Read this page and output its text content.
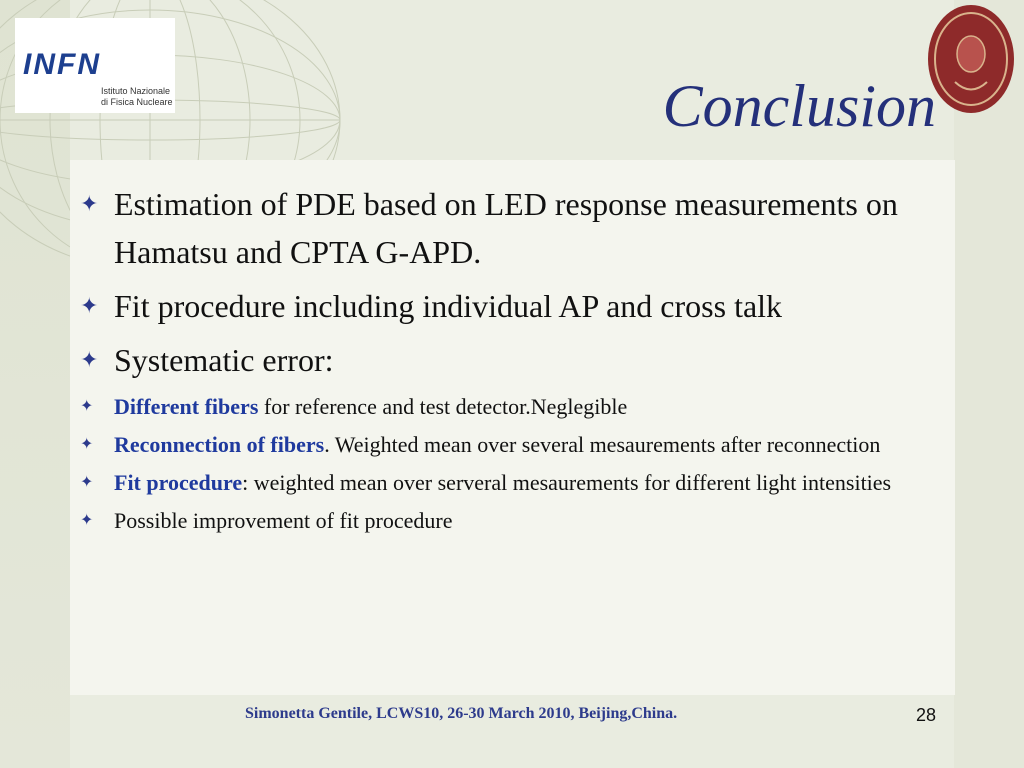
INFN
Istituto Nazionale
di Fisica Nucleare	Conclusion
✦ Estimation of PDE based on LED response measurements on Hamatsu and CPTA G-APD.
✦ Fit procedure including individual AP and cross talk
✦ Systematic error:
✦ Different fibers for reference and test detector.Neglegible
✦ Reconnection of fibers. Weighted mean over several mesaurements after reconnection
✦ Fit procedure: weighted mean over serveral mesaurements for different light intensities
✦ Possible improvement of fit procedure
Simonetta Gentile, LCWS10, 26-30 March 2010, Beijing,China.	28
